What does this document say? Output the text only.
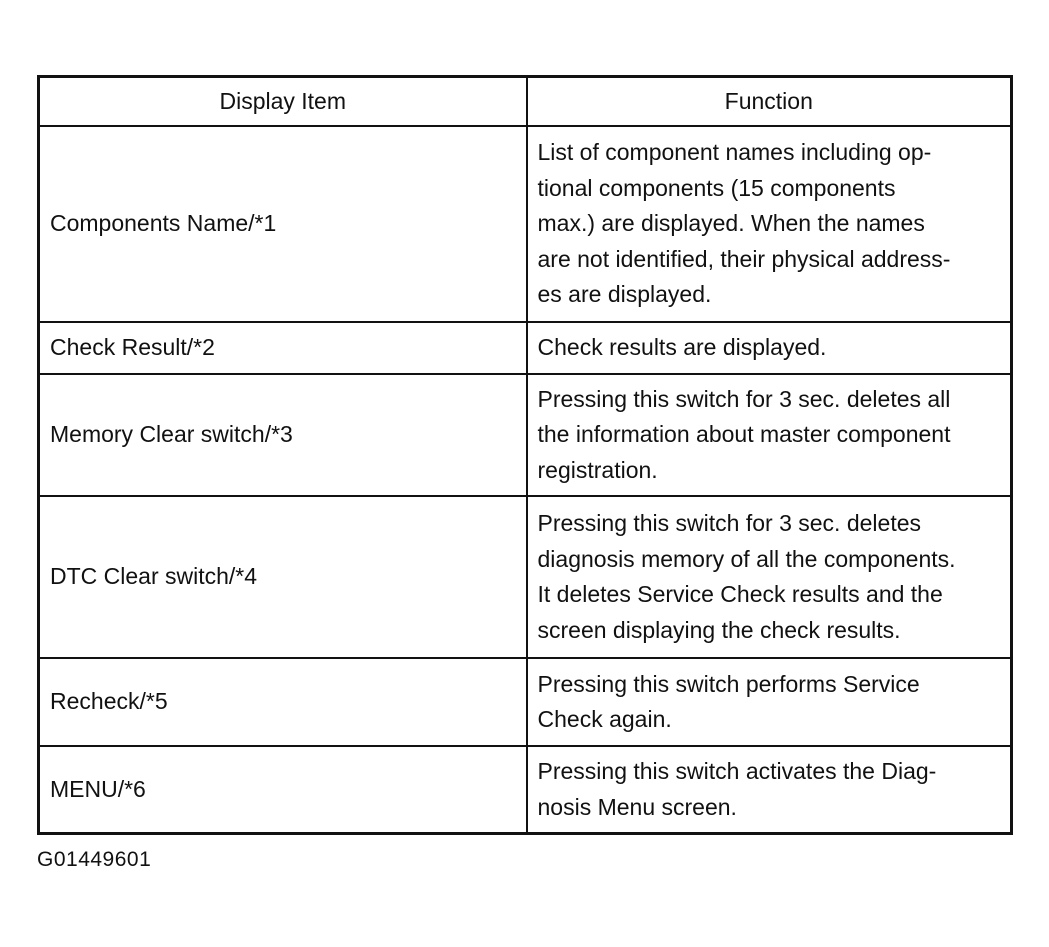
Display Item	Function
Components Name/*1	List of component names including op-
tional components (15 components
max.) are displayed. When the names
are not identified, their physical address-
es are displayed.

Check Result/*2	Check results are displayed.

Memory Clear switch/*3	Pressing this switch for 3 sec. deletes all
the information about master component
registration.

DTC Clear switch/*4	Pressing this switch for 3 sec. deletes
diagnosis memory of all the components.
It deletes Service Check results and the
screen displaying the check results.

Recheck/*5	Pressing this switch performs Service
Check again.

MENU/*6	Pressing this switch activates the Diag-
nosis Menu screen.
G01449601
